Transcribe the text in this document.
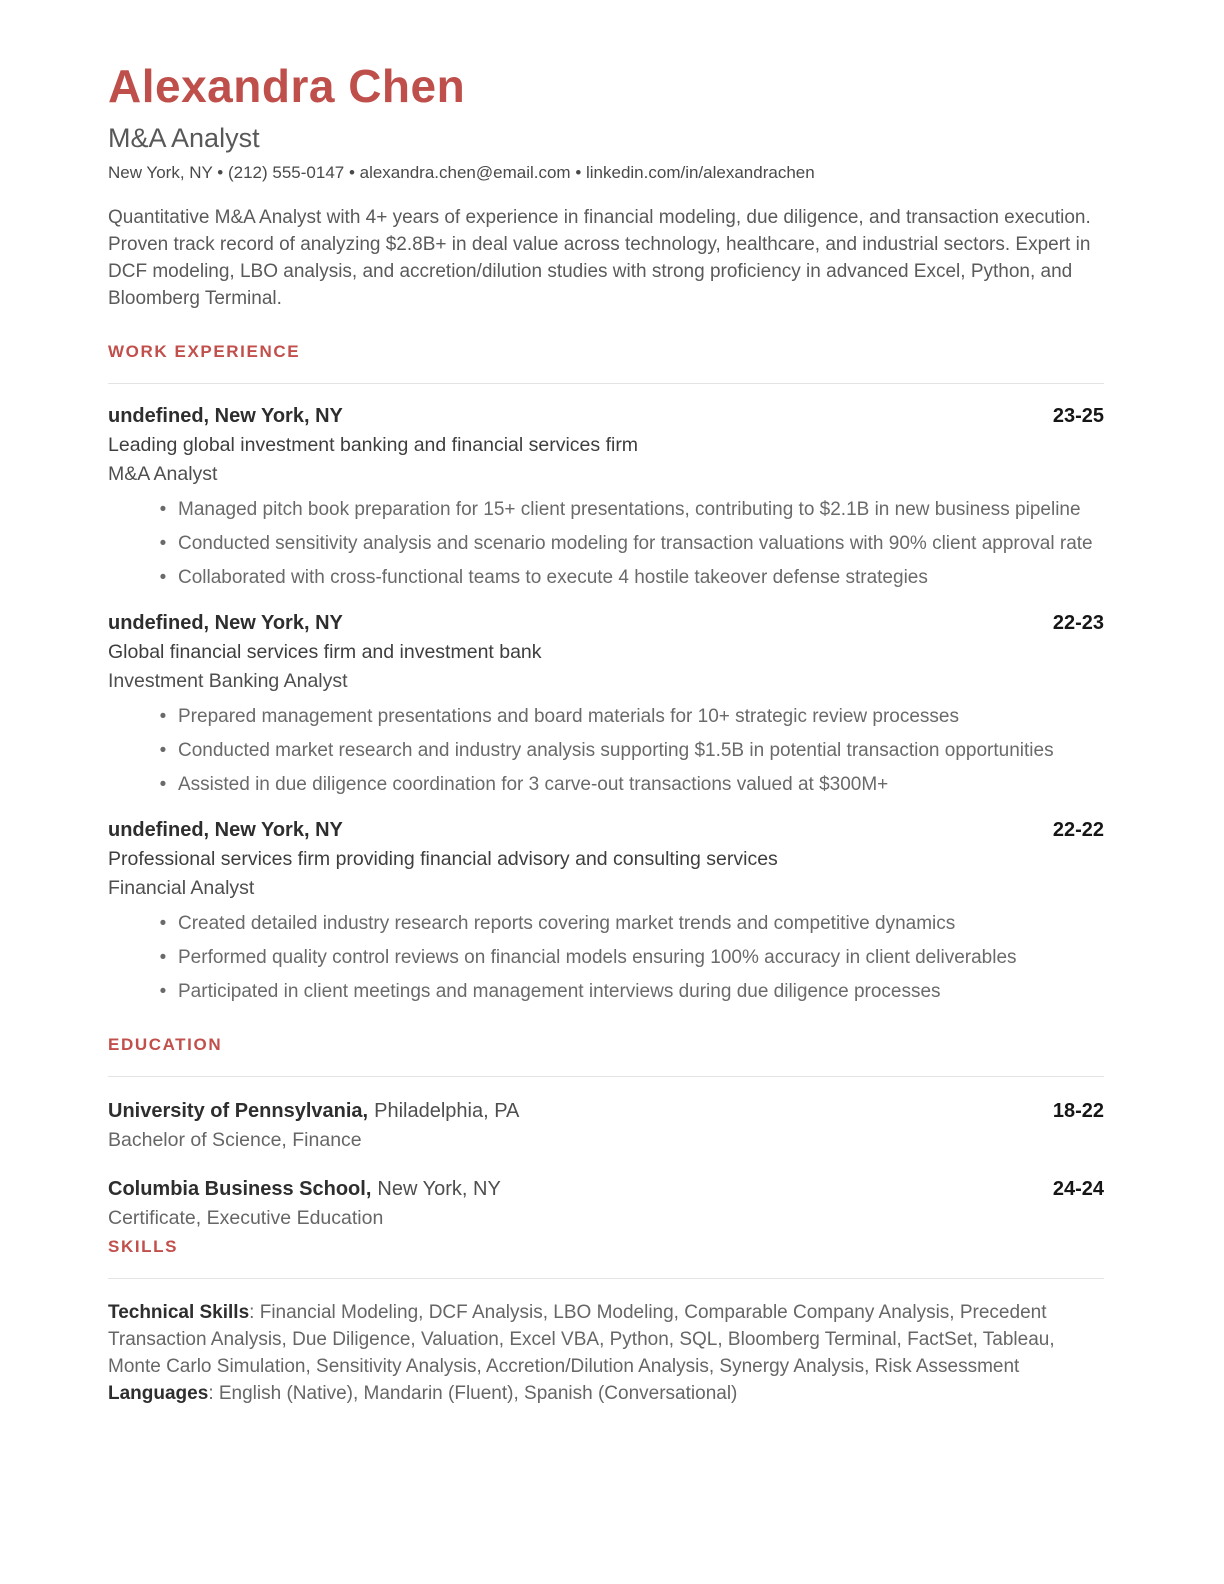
Alexandra Chen
M&A Analyst
New York, NY • (212) 555-0147 • alexandra.chen@email.com • linkedin.com/in/alexandrachen
Quantitative M&A Analyst with 4+ years of experience in financial modeling, due diligence, and transaction execution. Proven track record of analyzing $2.8B+ in deal value across technology, healthcare, and industrial sectors. Expert in DCF modeling, LBO analysis, and accretion/dilution studies with strong proficiency in advanced Excel, Python, and Bloomberg Terminal.
WORK EXPERIENCE
undefined, New York, NY	23-25
Leading global investment banking and financial services firm
M&A Analyst
• Managed pitch book preparation for 15+ client presentations, contributing to $2.1B in new business pipeline
• Conducted sensitivity analysis and scenario modeling for transaction valuations with 90% client approval rate
• Collaborated with cross-functional teams to execute 4 hostile takeover defense strategies
undefined, New York, NY	22-23
Global financial services firm and investment bank
Investment Banking Analyst
• Prepared management presentations and board materials for 10+ strategic review processes
• Conducted market research and industry analysis supporting $1.5B in potential transaction opportunities
• Assisted in due diligence coordination for 3 carve-out transactions valued at $300M+
undefined, New York, NY	22-22
Professional services firm providing financial advisory and consulting services
Financial Analyst
• Created detailed industry research reports covering market trends and competitive dynamics
• Performed quality control reviews on financial models ensuring 100% accuracy in client deliverables
• Participated in client meetings and management interviews during due diligence processes
EDUCATION
University of Pennsylvania, Philadelphia, PA	18-22
Bachelor of Science, Finance
Columbia Business School, New York, NY	24-24
Certificate, Executive Education
SKILLS
Technical Skills: Financial Modeling, DCF Analysis, LBO Modeling, Comparable Company Analysis, Precedent Transaction Analysis, Due Diligence, Valuation, Excel VBA, Python, SQL, Bloomberg Terminal, FactSet, Tableau, Monte Carlo Simulation, Sensitivity Analysis, Accretion/Dilution Analysis, Synergy Analysis, Risk Assessment
Languages: English (Native), Mandarin (Fluent), Spanish (Conversational)
